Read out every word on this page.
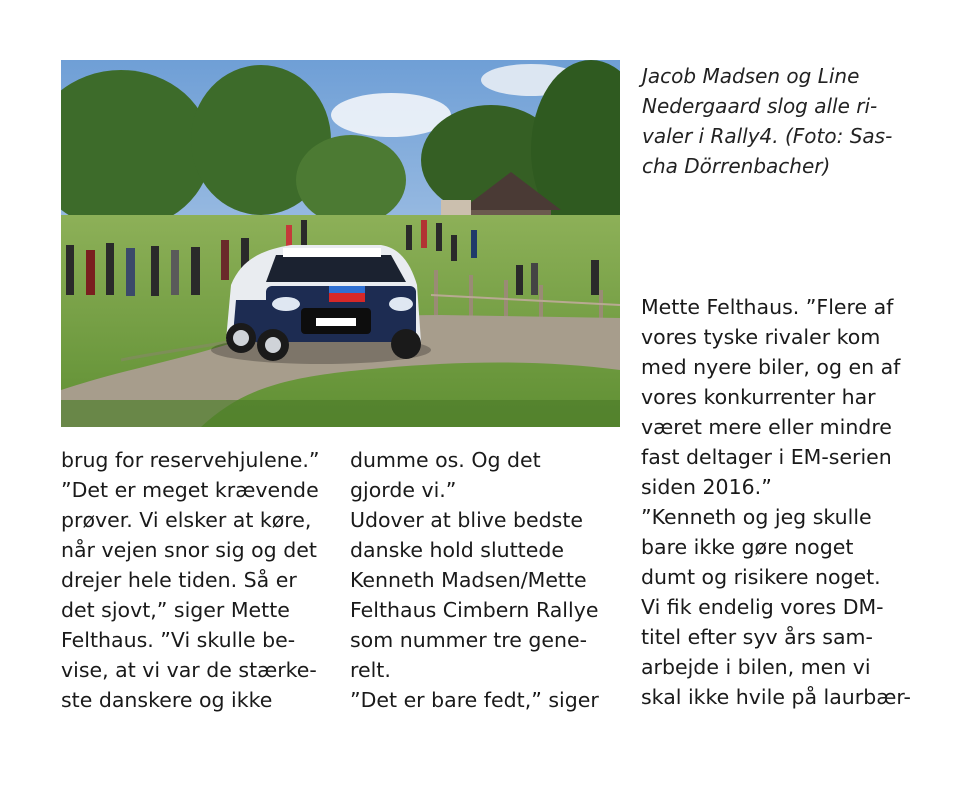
Jacob Madsen og Line
Nedergaard slog alle ri-
valer i Rally4. (Foto: Sas-
cha Dörrenbacher)
brug for reservehjulene.”
”Det er meget krævende
prøver. Vi elsker at køre,
når vejen snor sig og det
drejer hele tiden. Så er
det sjovt,” siger Mette
Felthaus. ”Vi skulle be-
vise, at vi var de stærke-
ste danskere og ikke
dumme os. Og det
gjorde vi.”
Udover at blive bedste
danske hold sluttede
Kenneth Madsen/Mette
Felthaus Cimbern Rallye
som nummer tre gene-
relt.
”Det er bare fedt,” siger
Mette Felthaus. ”Flere af
vores tyske rivaler kom
med nyere biler, og en af
vores konkurrenter har
været mere eller mindre
fast deltager i EM-serien
siden 2016.”
”Kenneth og jeg skulle
bare ikke gøre noget
dumt og risikere noget.
Vi fik endelig vores DM-
titel efter syv års sam-
arbejde i bilen, men vi
skal ikke hvile på laurbær-
